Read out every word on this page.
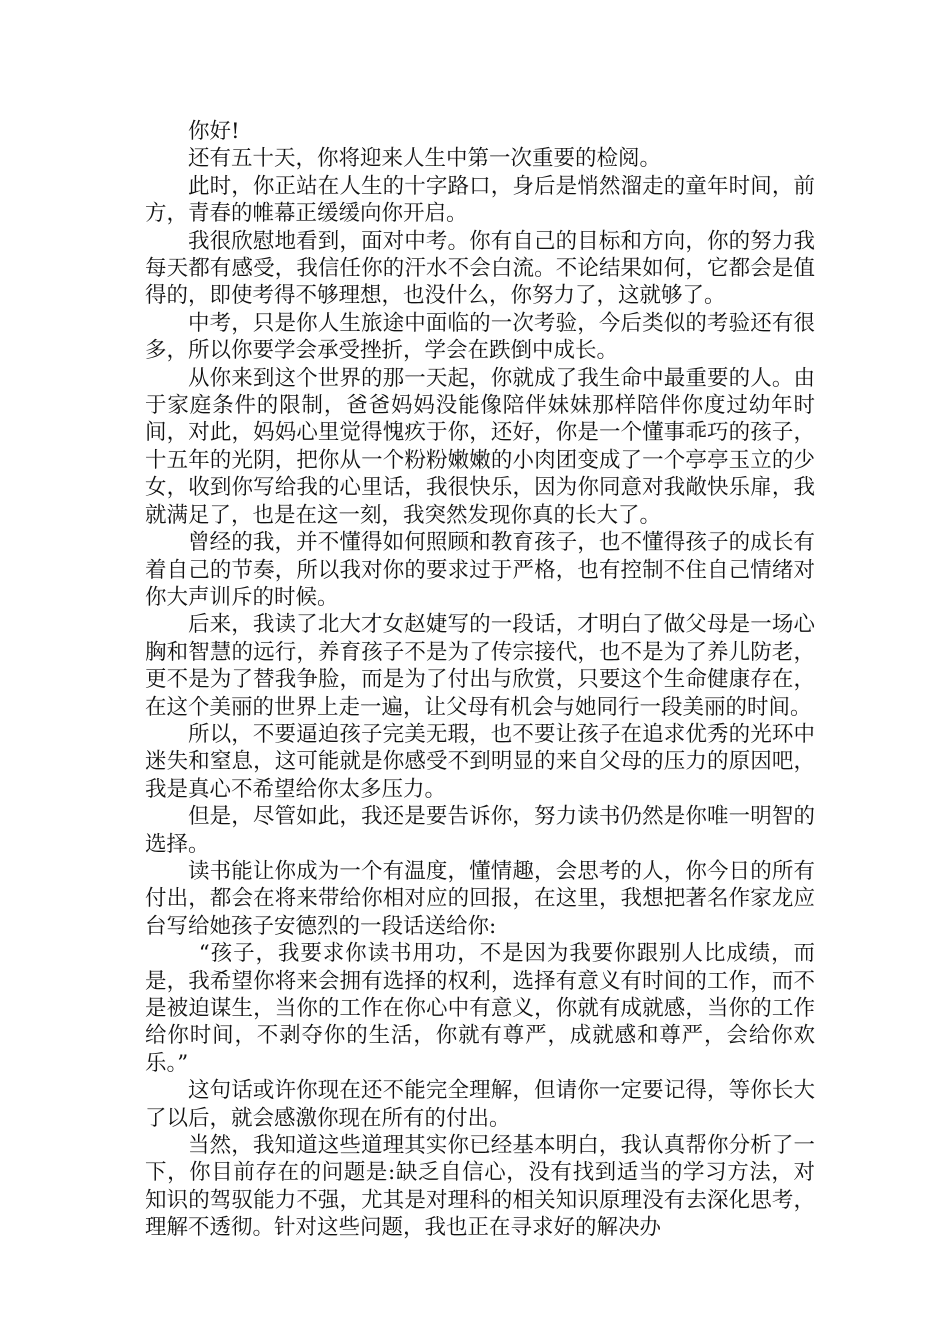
你好!

还有五十天，你将迎来人生中第一次重要的检阅。

此时，你正站在人生的十字路口，身后是悄然溜走的童年时间，前方，青春的帷幕正缓缓向你开启。

我很欣慰地看到，面对中考。你有自己的目标和方向，你的努力我每天都有感受，我信任你的汗水不会白流。不论结果如何，它都会是值得的，即使考得不够理想，也没什么，你努力了，这就够了。

中考，只是你人生旅途中面临的一次考验，今后类似的考验还有很多，所以你要学会承受挫折，学会在跌倒中成长。

从你来到这个世界的那一天起，你就成了我生命中最重要的人。由于家庭条件的限制，爸爸妈妈没能像陪伴妹妹那样陪伴你度过幼年时间，对此，妈妈心里觉得愧疚于你，还好，你是一个懂事乖巧的孩子，十五年的光阴，把你从一个粉粉嫩嫩的小肉团变成了一个亭亭玉立的少女，收到你写给我的心里话，我很快乐，因为你同意对我敞快乐扉，我就满足了，也是在这一刻，我突然发现你真的长大了。

曾经的我，并不懂得如何照顾和教育孩子，也不懂得孩子的成长有着自己的节奏，所以我对你的要求过于严格，也有控制不住自己情绪对你大声训斥的时候。

后来，我读了北大才女赵婕写的一段话，才明白了做父母是一场心胸和智慧的远行，养育孩子不是为了传宗接代，也不是为了养儿防老，更不是为了替我争脸，而是为了付出与欣赏，只要这个生命健康存在，在这个美丽的世界上走一遍，让父母有机会与她同行一段美丽的时间。

所以，不要逼迫孩子完美无瑕，也不要让孩子在追求优秀的光环中迷失和窒息，这可能就是你感受不到明显的来自父母的压力的原因吧，我是真心不希望给你太多压力。

但是，尽管如此，我还是要告诉你，努力读书仍然是你唯一明智的选择。

读书能让你成为一个有温度，懂情趣，会思考的人，你今日的所有付出，都会在将来带给你相对应的回报，在这里，我想把著名作家龙应台写给她孩子安德烈的一段话送给你:

“孩子，我要求你读书用功，不是因为我要你跟别人比成绩，而是，我希望你将来会拥有选择的权利，选择有意义有时间的工作，而不是被迫谋生，当你的工作在你心中有意义，你就有成就感，当你的工作给你时间，不剥夺你的生活，你就有尊严，成就感和尊严，会给你欢乐。”

这句话或许你现在还不能完全理解，但请你一定要记得，等你长大了以后，就会感激你现在所有的付出。

当然，我知道这些道理其实你已经基本明白，我认真帮你分析了一下，你目前存在的问题是:缺乏自信心，没有找到适当的学习方法，对知识的驾驭能力不强，尤其是对理科的相关知识原理没有去深化思考，理解不透彻。针对这些问题，我也正在寻求好的解决办
